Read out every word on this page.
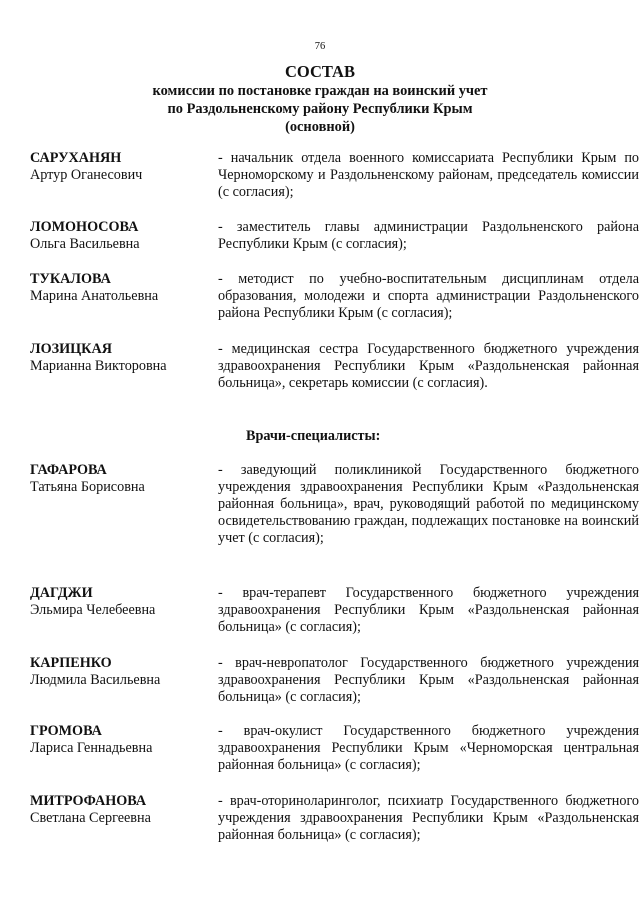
76
СОСТАВ
комиссии по постановке граждан на воинский учет
по Раздольненскому району Республики Крым
(основной)
САРУХАНЯН
Артур Оганесович
- начальник отдела военного комиссариата Республики Крым по Черноморскому и Раздольненскому районам, председатель комиссии (с согласия);
ЛОМОНОСОВА
Ольга Васильевна
- заместитель главы администрации Раздольненского района Республики Крым (с согласия);
ТУКАЛОВА
Марина Анатольевна
- методист по учебно-воспитательным дисциплинам отдела образования, молодежи и спорта администрации Раздольненского района Республики Крым (с согласия);
ЛОЗИЦКАЯ
Марианна Викторовна
- медицинская сестра Государственного бюджетного учреждения здравоохранения Республики Крым «Раздольненская районная больница», секретарь комиссии (с согласия).
Врачи-специалисты:
ГАФАРОВА
Татьяна Борисовна
- заведующий поликлиникой Государственного бюджетного учреждения здравоохранения Республики Крым «Раздольненская районная больница», врач, руководящий работой по медицинскому освидетельствованию граждан, подлежащих постановке на воинский учет (с согласия);
ДАГДЖИ
Эльмира Челебеевна
- врач-терапевт Государственного бюджетного учреждения здравоохранения Республики Крым «Раздольненская районная больница» (с согласия);
КАРПЕНКО
Людмила Васильевна
- врач-невропатолог Государственного бюджетного учреждения здравоохранения Республики Крым «Раздольненская районная больница» (с согласия);
ГРОМОВА
Лариса Геннадьевна
- врач-окулист Государственного бюджетного учреждения здравоохранения Республики Крым «Черноморская центральная районная больница» (с согласия);
МИТРОФАНОВА
Светлана Сергеевна
- врач-оториноларинголог, психиатр Государственного бюджетного учреждения здравоохранения Республики Крым «Раздольненская районная больница» (с согласия);
